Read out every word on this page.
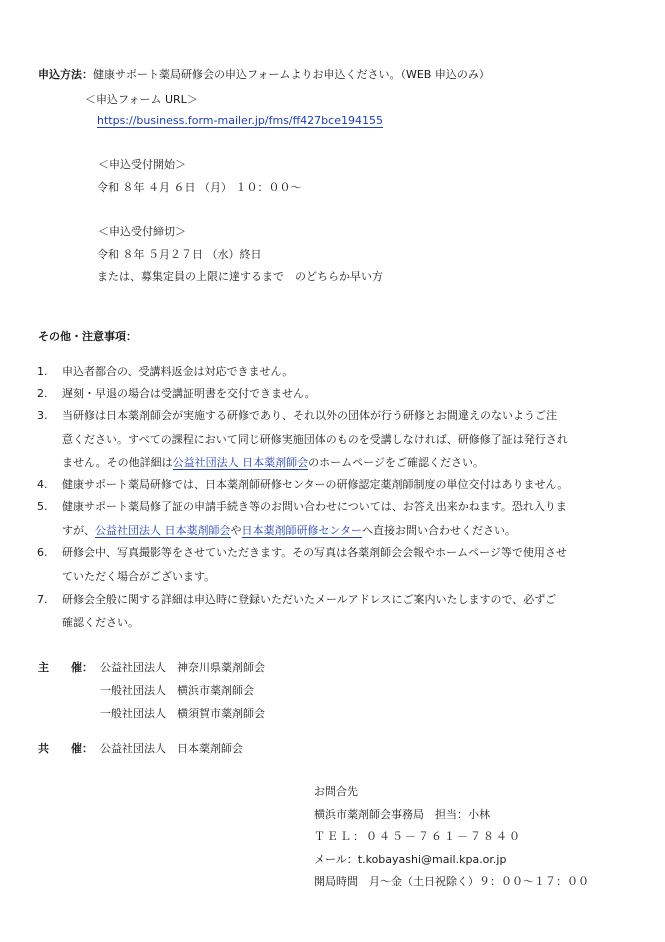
申込方法：健康サポート薬局研修会の申込フォームよりお申込ください。（WEB 申込のみ）
＜申込フォーム URL＞
https://business.form-mailer.jp/fms/ff427bce194155
＜申込受付開始＞
令和 ８年 ４月 ６日 （月） １０：００～
＜申込受付締切＞
令和 ８年 ５月２７日 （水）終日
または、募集定員の上限に達するまで　のどちらか早い方
その他・注意事項：
1. 申込者都合の、受講料返金は対応できません。
2. 遅刻・早退の場合は受講証明書を交付できません。
3. 当研修は日本薬剤師会が実施する研修であり、それ以外の団体が行う研修とお間違えのないようご注
意ください。すべての課程において同じ研修実施団体のものを受講しなければ、研修修了証は発行され
ません。その他詳細は公益社団法人 日本薬剤師会のホームページをご確認ください。
4. 健康サポート薬局研修では、日本薬剤師研修センターの研修認定薬剤師制度の単位交付はありません。
5. 健康サポート薬局修了証の申請手続き等のお問い合わせについては、お答え出来かねます。恐れ入りま
すが、公益社団法人 日本薬剤師会や日本薬剤師研修センターへ直接お問い合わせください。
6. 研修会中、写真撮影等をさせていただきます。その写真は各薬剤師会会報やホームページ等で使用させ
ていただく場合がございます。
7. 研修会全般に関する詳細は申込時に登録いただいたメールアドレスにご案内いたしますので、必ずご
確認ください。
主　　催： 公益社団法人　神奈川県薬剤師会
一般社団法人　横浜市薬剤師会
一般社団法人　横須賀市薬剤師会
共　　催： 公益社団法人　日本薬剤師会
お問合先
横浜市薬剤師会事務局　担当：小林
ＴＥＬ：０４５－７６１－７８４０
メール：t.kobayashi@mail.kpa.or.jp
開局時間　月～金（土日祝除く）９：００～１７：００
